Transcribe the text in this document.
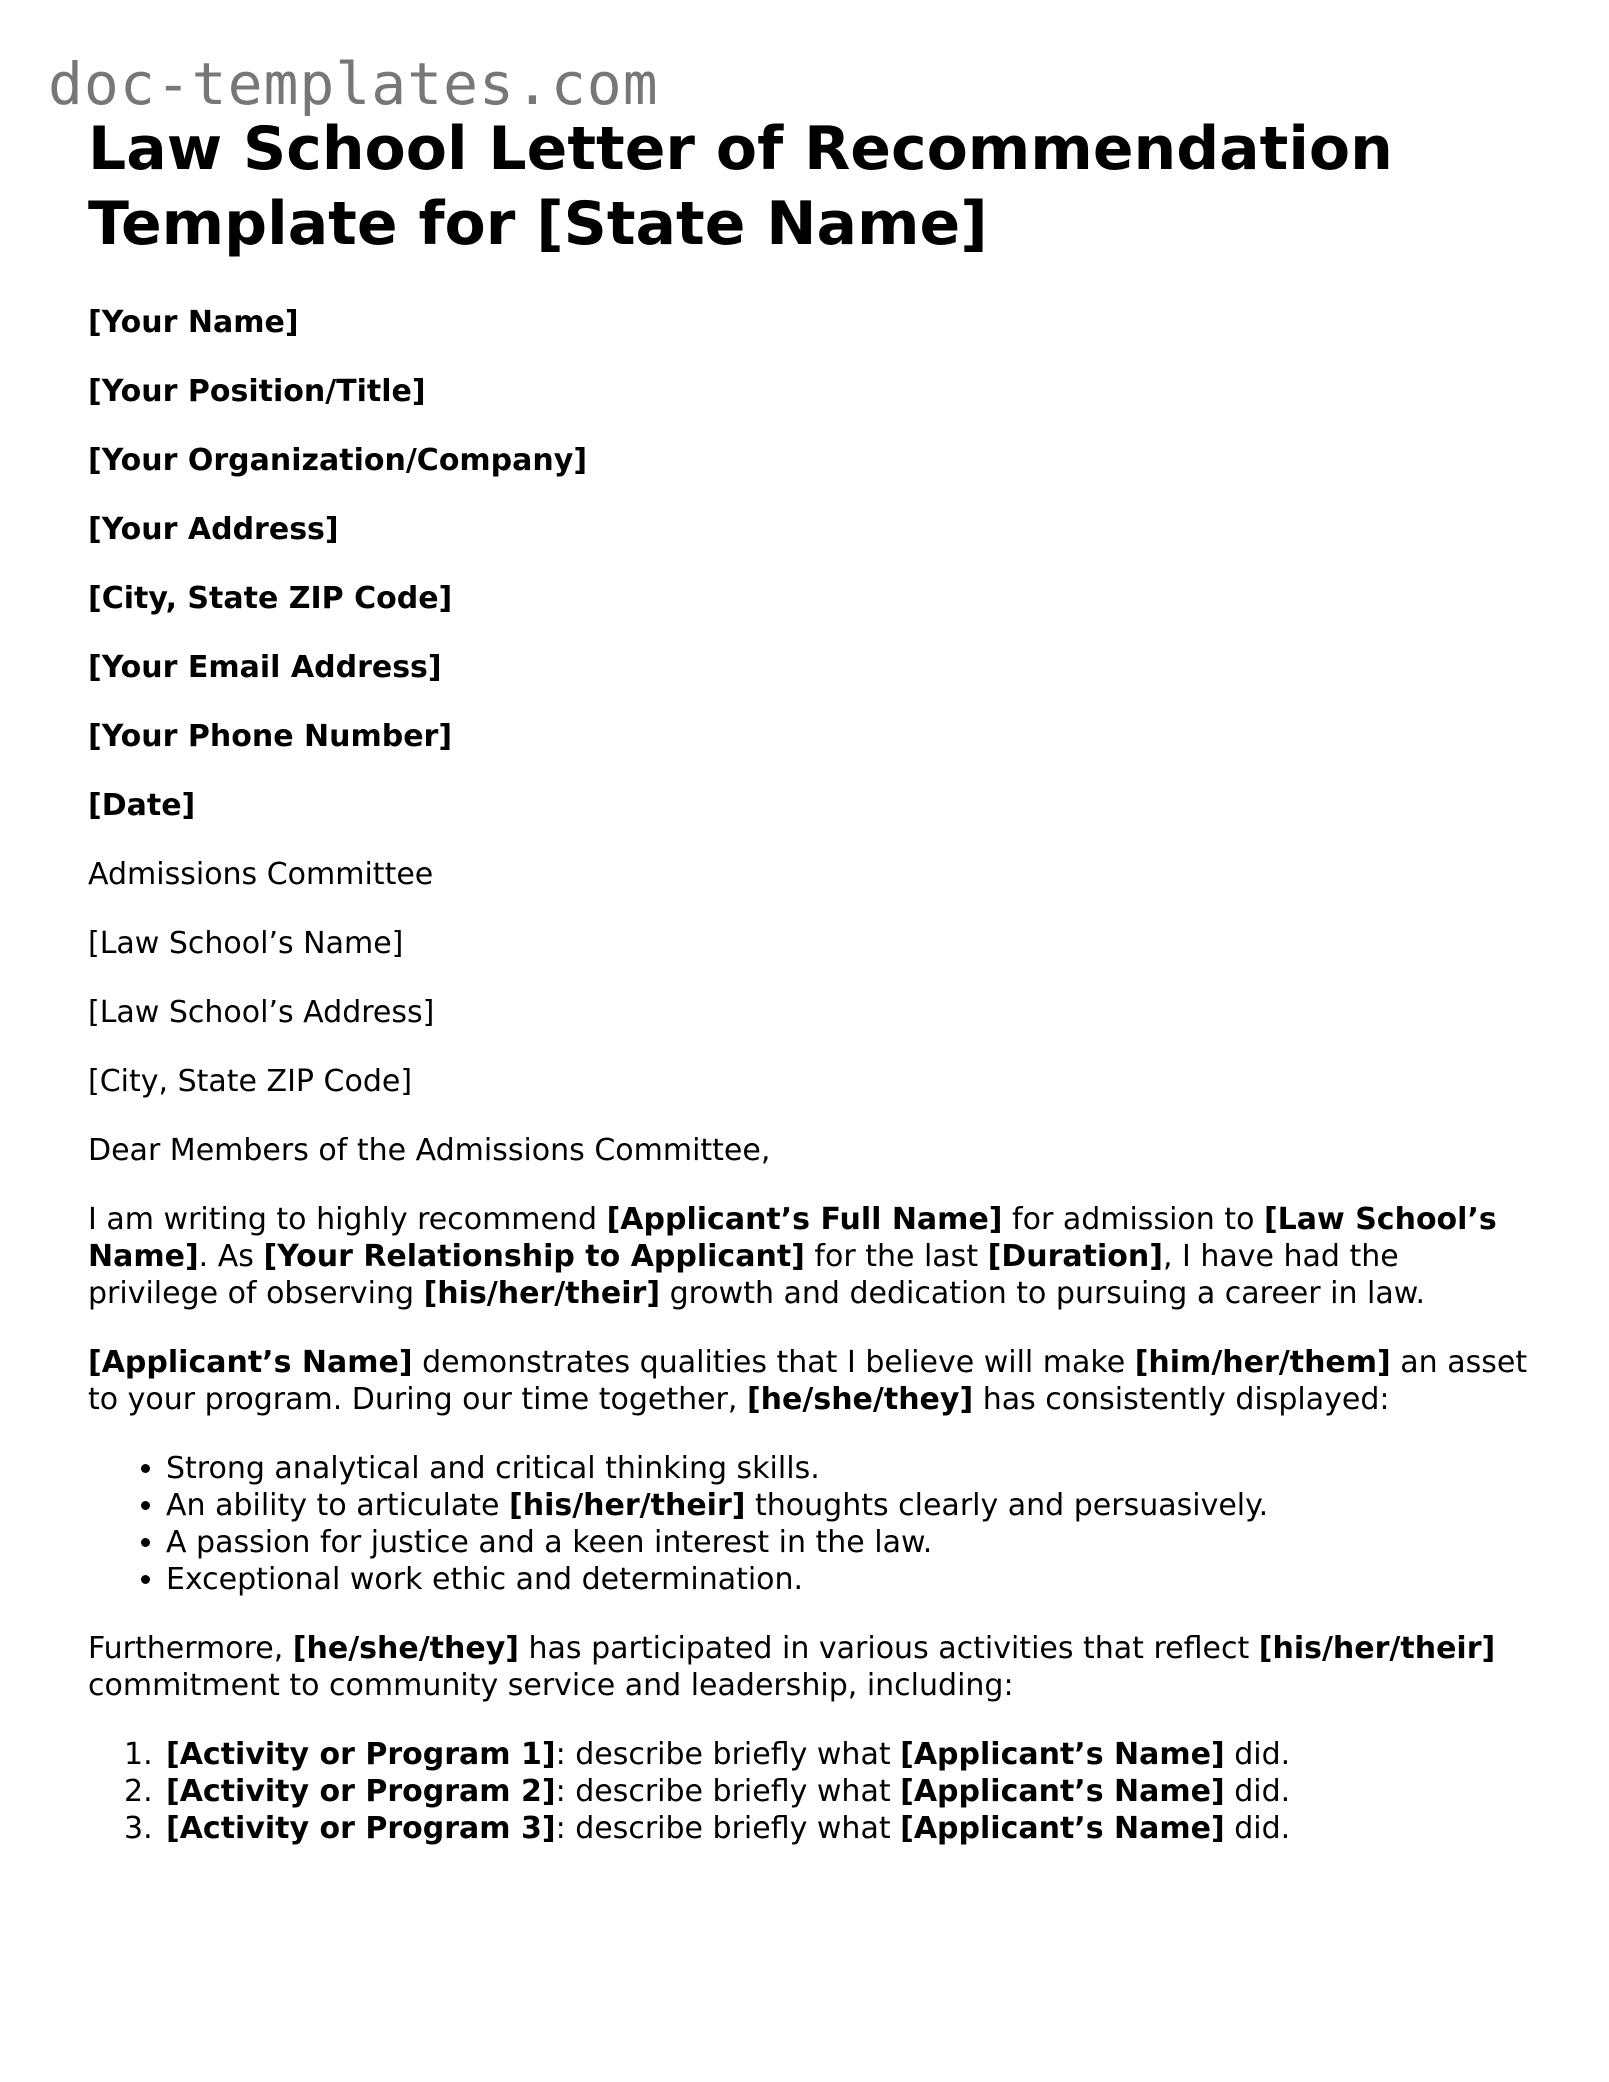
doc-templates.com
Law School Letter of Recommendation Template for [State Name]
[Your Name]
[Your Position/Title]
[Your Organization/Company]
[Your Address]
[City, State ZIP Code]
[Your Email Address]
[Your Phone Number]
[Date]
Admissions Committee
[Law School’s Name]
[Law School’s Address]
[City, State ZIP Code]
Dear Members of the Admissions Committee,

I am writing to highly recommend [Applicant’s Full Name] for admission to [Law School’s Name]. As [Your Relationship to Applicant] for the last [Duration], I have had the privilege of observing [his/her/their] growth and dedication to pursuing a career in law.

[Applicant’s Name] demonstrates qualities that I believe will make [him/her/them] an asset to your program. During our time together, [he/she/they] has consistently displayed:

• Strong analytical and critical thinking skills.
• An ability to articulate [his/her/their] thoughts clearly and persuasively.
• A passion for justice and a keen interest in the law.
• Exceptional work ethic and determination.

Furthermore, [he/she/they] has participated in various activities that reflect [his/her/their] commitment to community service and leadership, including:

1. [Activity or Program 1]: describe briefly what [Applicant’s Name] did.
2. [Activity or Program 2]: describe briefly what [Applicant’s Name] did.
3. [Activity or Program 3]: describe briefly what [Applicant’s Name] did.
